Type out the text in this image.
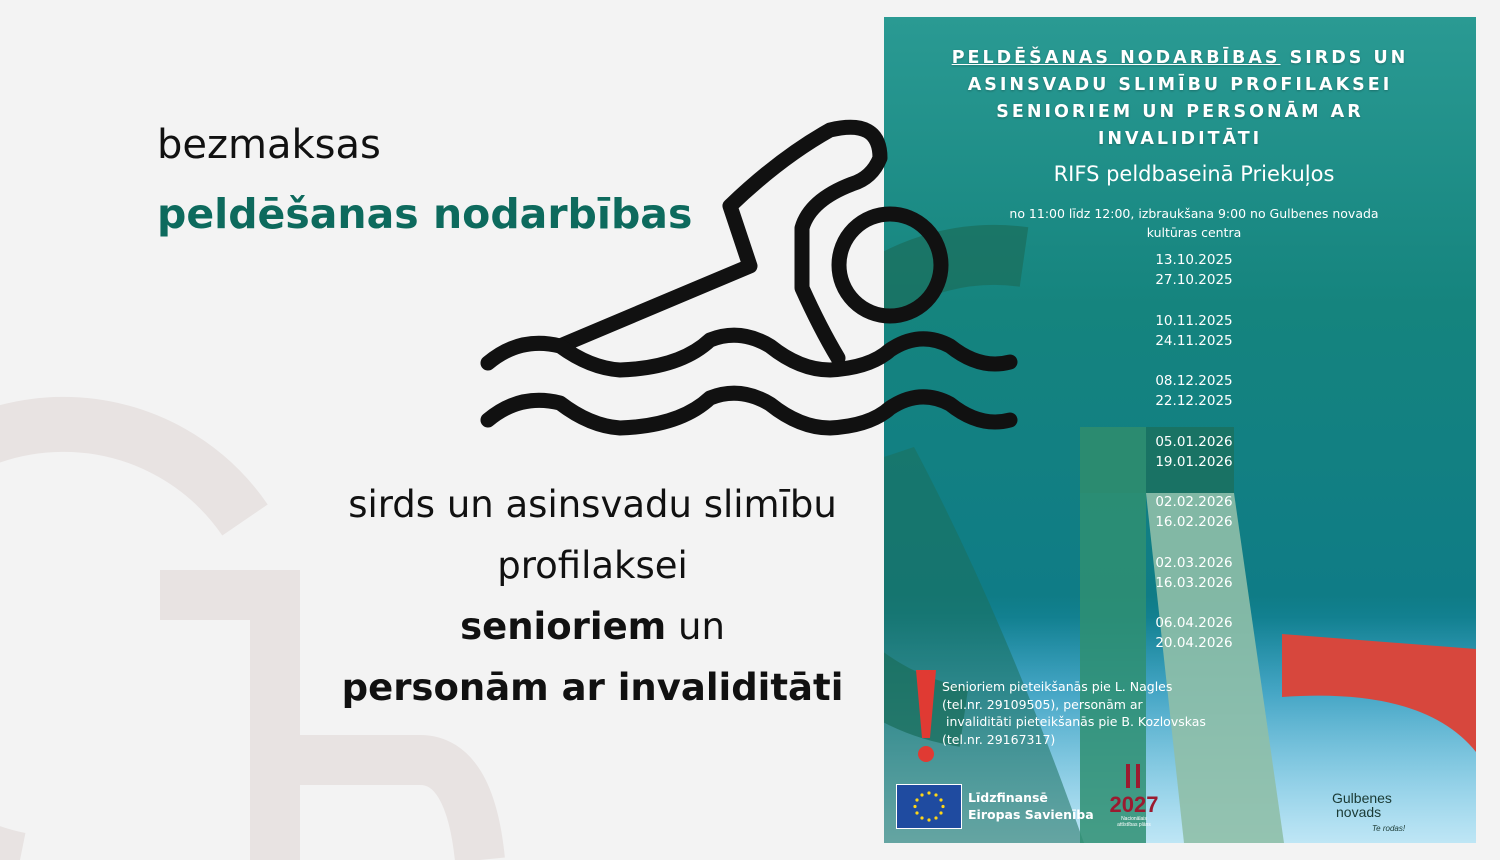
bezmaksas
peldēšanas nodarbības
sirds un asinsvadu slimību
profilaksei
senioriem un
personām ar invaliditāti
PELDĒŠANAS NODARBĪBAS SIRDS UN ASINSVADU SLIMĪBU PROFILAKSEI SENIORIEM UN PERSONĀM AR INVALIDITĀTI
RIFS peldbaseinā Priekuļos
no 11:00 līdz 12:00, izbraukšana 9:00 no Gulbenes novada
kultūras centra
13.10.2025
27.10.2025
10.11.2025
24.11.2025
08.12.2025
22.12.2025
05.01.2026
19.01.2026
02.02.2026
16.02.2026
02.03.2026
16.03.2026
06.04.2026
20.04.2026
Senioriem pieteikšanās pie L. Nagles
(tel.nr. 29109505), personām ar
invaliditāti pieteikšanās pie B. Kozlovskas
(tel.nr. 29167317)
Līdzfinansē
Eiropas Savienība 2027
Nacionālais
attīstības plāns
Gulbenes
novads
Te rodas!
